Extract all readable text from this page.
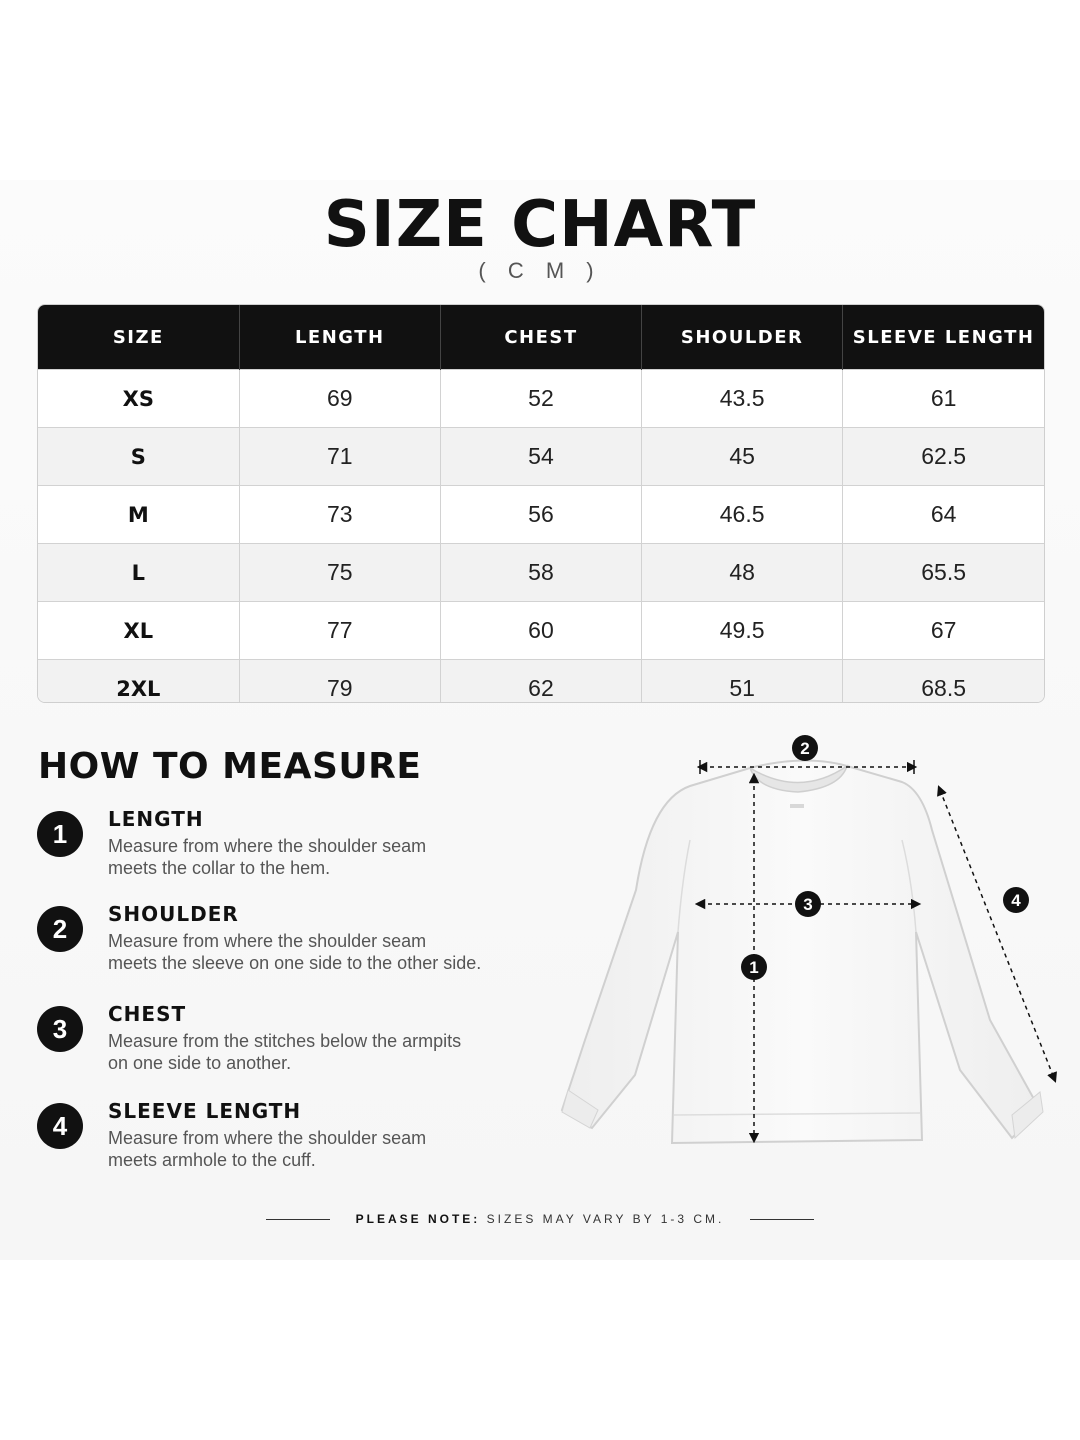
SIZE CHART
( C M )
SIZE	LENGTH	CHEST	SHOULDER	SLEEVE LENGTH
XS	69	52	43.5	61
S	71	54	45	62.5
M	73	56	46.5	64
L	75	58	48	65.5
XL	77	60	49.5	67
2XL	79	62	51	68.5
HOW TO MEASURE
1	LENGTH
Measure from where the shoulder seam
meets the collar to the hem.
2	SHOULDER
Measure from where the shoulder seam
meets the sleeve on one side to the other side.
3	CHEST
Measure from the stitches below the armpits
on one side to another.
4	SLEEVE LENGTH
Measure from where the shoulder seam
meets armhole to the cuff.
2
3
1
4
PLEASE NOTE: SIZES MAY VARY BY 1-3 CM.
